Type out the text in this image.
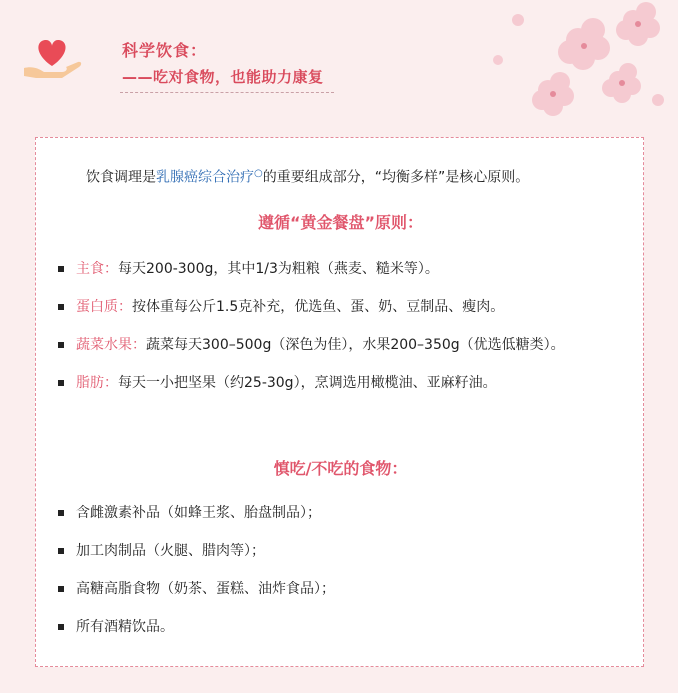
科学饮食：
——吃对食物，也能助力康复
饮食调理是乳腺癌综合治疗○的重要组成部分，“均衡多样”是核心原则。
遵循“黄金餐盘”原则：
主食：每天200-300g，其中1/3为粗粮（燕麦、糙米等）。
蛋白质：按体重每公斤1.5克补充，优选鱼、蛋、奶、豆制品、瘦肉。
蔬菜水果：蔬菜每天300–500g（深色为佳），水果200–350g（优选低糖类）。
脂肪：每天一小把坚果（约25-30g），烹调选用橄榄油、亚麻籽油。
慎吃/不吃的食物：
含雌激素补品（如蜂王浆、胎盘制品）；
加工肉制品（火腿、腊肉等）；
高糖高脂食物（奶茶、蛋糕、油炸食品）；
所有酒精饮品。
